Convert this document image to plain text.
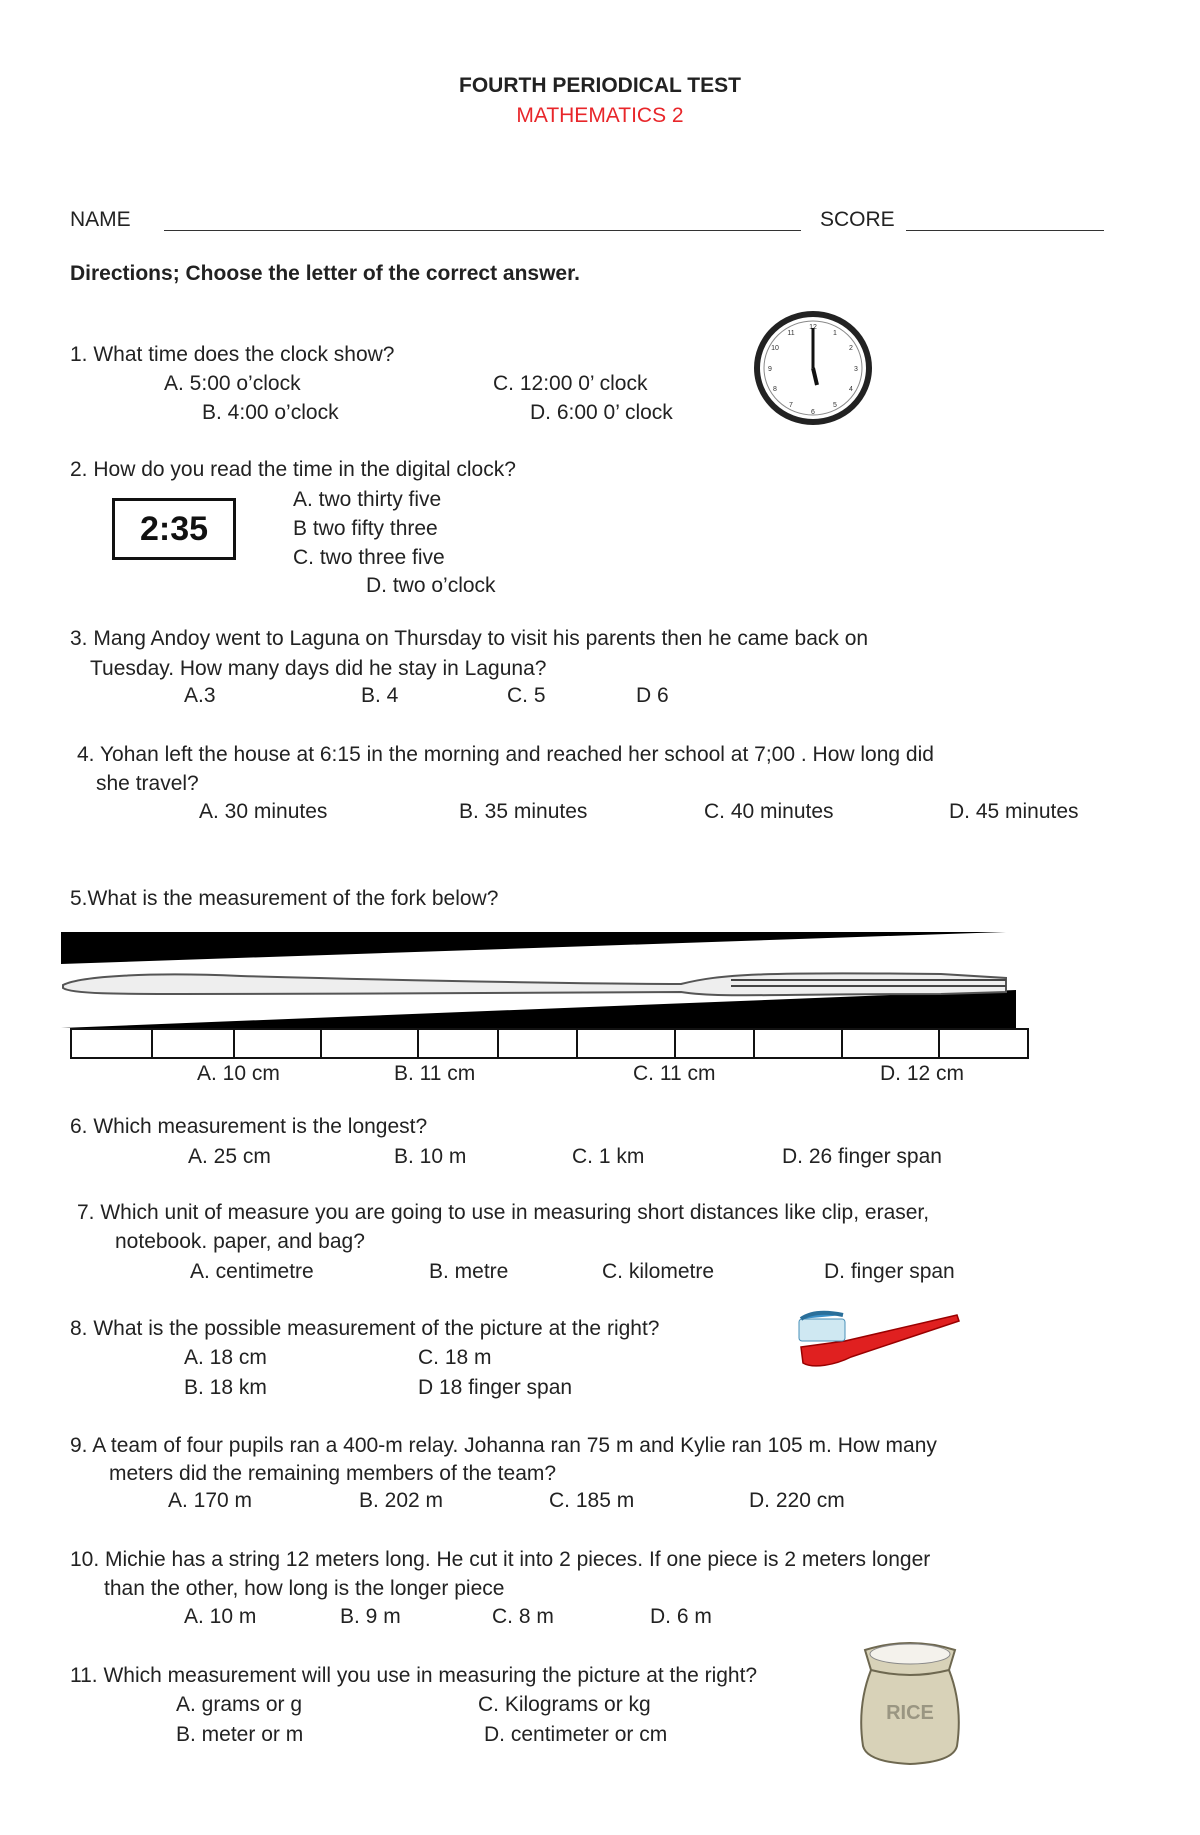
FOURTH PERIODICAL TEST
MATHEMATICS 2
NAME	SCORE
Directions; Choose the letter of the correct answer.
1. What time does the clock show?
A. 5:00 o’clock	C. 12:00 0’ clock
B. 4:00 o’clock	D. 6:00 0’ clock
12
1
2
3
4
5
6
7
8
9
10
11
2. How do you read the time in the digital clock?
2:35
A. two thirty five
B two fifty three
C. two three five
D. two o’clock
3. Mang Andoy went to Laguna on Thursday to visit his parents then he came back on
Tuesday. How many days did he stay in Laguna?
A.3	B. 4	C. 5	D 6
4. Yohan left the house at 6:15 in the morning and reached her school at 7;00 . How long did
she travel?
A. 30 minutes	B. 35 minutes	C. 40 minutes	D. 45 minutes
5.What is the measurement of the fork below?
A. 10 cm	B. 11 cm	C. 11 cm	D. 12 cm
6. Which measurement is the longest?
A. 25 cm	B. 10 m	C. 1 km	D. 26 finger span
7. Which unit of measure you are going to use in measuring short distances like clip, eraser,
notebook. paper, and bag?
A. centimetre	B. metre	C. kilometre	D. finger span
8. What is the possible measurement of the picture at the right?
A. 18 cm	C. 18 m
B. 18 km	D 18 finger span
9. A team of four pupils ran a 400-m relay. Johanna ran 75 m and Kylie ran 105 m. How many
meters did the remaining members of the team?
A. 170 m	B. 202 m	C. 185 m	D. 220 cm
10. Michie has a string 12 meters long. He cut it into 2 pieces. If one piece is 2 meters longer
than the other, how long is the longer piece
A. 10 m	B. 9 m	C. 8 m	D. 6 m
11. Which measurement will you use in measuring the picture at the right?
A. grams or g	C. Kilograms or kg
B. meter or m	D. centimeter or cm
RICE
